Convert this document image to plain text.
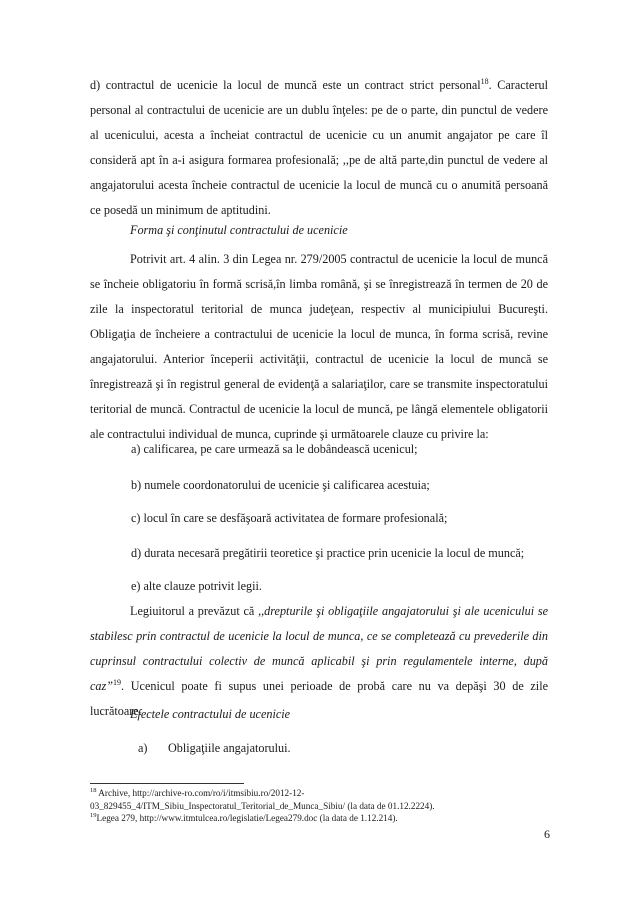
d) contractul de ucenicie la locul de muncă este un contract strict personal$^{18}$. Caracterul personal al contractului de ucenicie are un dublu înţeles: pe de o parte, din punctul de vedere al ucenicului, acesta a încheiat contractul de ucenicie cu un anumit angajator pe care îl consideră apt în a-i asigura formarea profesională; ,,pe de altă parte,din punctul de vedere al angajatorului acesta încheie contractul de ucenicie la locul de muncă cu o anumită persoană ce posedă un minimum de aptitudini.

Forma şi conţinutul contractului de ucenicie

Potrivit art. 4 alin. 3 din Legea nr. 279/2005 contractul de ucenicie la locul de muncă se încheie obligatoriu în formă scrisă,în limba română, şi se înregistrează în termen de 20 de zile la inspectoratul teritorial de munca judeţean, respectiv al municipiului Bucureşti. Obligaţia de încheiere a contractului de ucenicie la locul de munca, în forma scrisă, revine angajatorului. Anterior începerii activităţii, contractul de ucenicie la locul de muncă se înregistrează şi în registrul general de evidenţă a salariaţilor, care se transmite inspectoratului teritorial de muncă. Contractul de ucenicie la locul de muncă, pe lângă elementele obligatorii ale contractului individual de munca, cuprinde şi următoarele clauze cu privire la:

a) calificarea, pe care urmează sa le dobândească ucenicul;

b) numele coordonatorului de ucenicie şi calificarea acestuia;

c) locul în care se desfăşoară activitatea de formare profesională;

d) durata necesară pregătirii teoretice şi practice prin ucenicie la locul de muncă;

e) alte clauze potrivit legii.

Legiuitorul a prevăzut că ,,drepturile şi obligaţiile angajatorului şi ale ucenicului se stabilesc prin contractul de ucenicie la locul de munca, ce se completează cu prevederile din cuprinsul contractului colectiv de muncă aplicabil şi prin regulamentele interne, după caz”$^{19}$. Ucenicul poate fi supus unei perioade de probă care nu va depăşi 30 de zile lucrătoare.

Efectele contractului de ucenicie

a) Obligaţiile angajatorului.

$^{18}$ Archive, http://archive-ro.com/ro/i/itmsibiu.ro/2012-12-
03_829455_4/ITM_Sibiu_Inspectoratul_Teritorial_de_Munca_Sibiu/ (la data de 01.12.2224).

$^{19}$Legea 279, http://www.itmtulcea.ro/legislatie/Legea279.doc (la data de 1.12.214).

6
